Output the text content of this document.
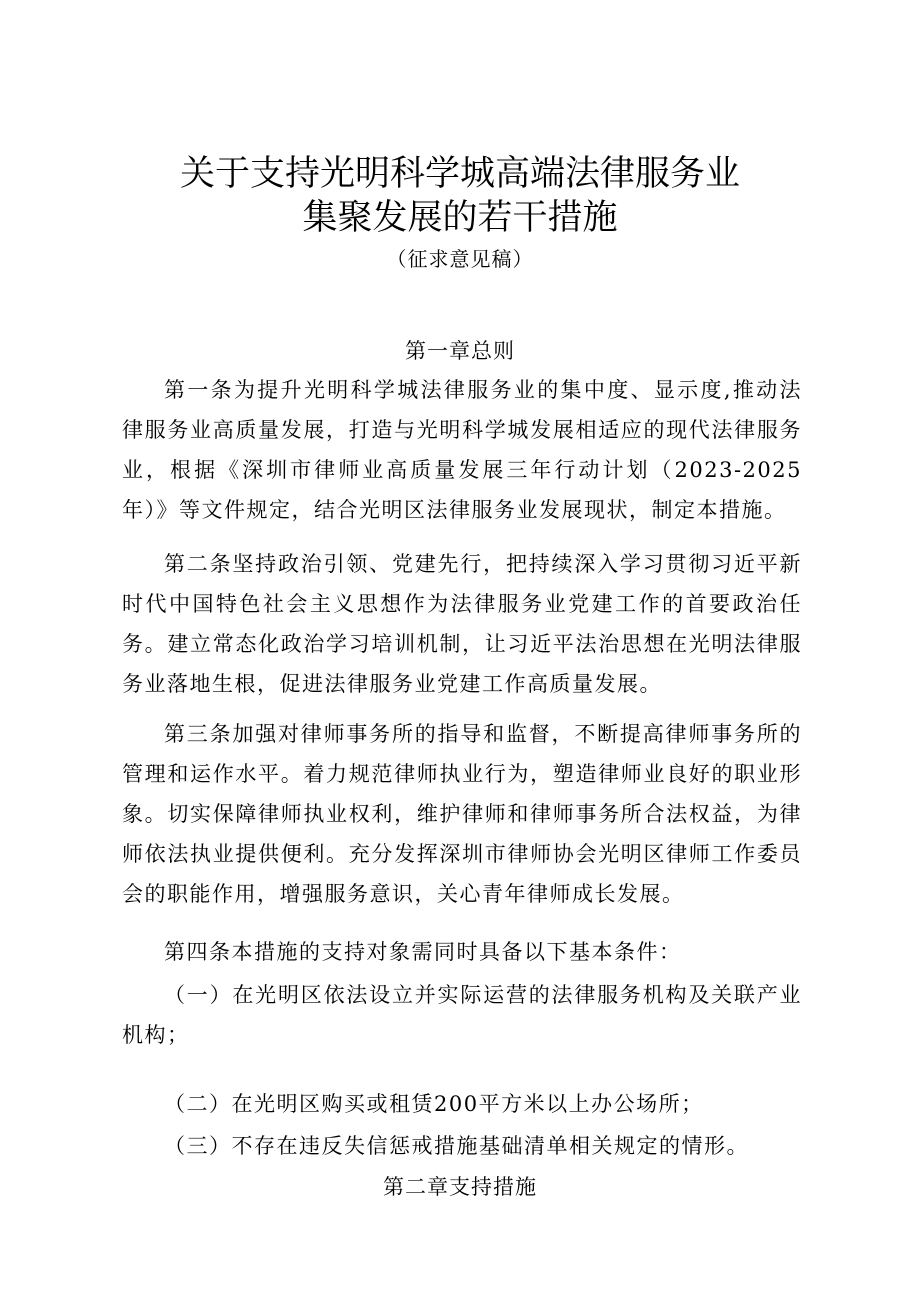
关于支持光明科学城高端法律服务业
集聚发展的若干措施
（征求意见稿）
第一章总则

第一条为提升光明科学城法律服务业的集中度、显示度,推动法律服务业高质量发展，打造与光明科学城发展相适应的现代法律服务业，根据《深圳市律师业高质量发展三年行动计划（2023-2025年）》等文件规定，结合光明区法律服务业发展现状，制定本措施。

第二条坚持政治引领、党建先行，把持续深入学习贯彻习近平新时代中国特色社会主义思想作为法律服务业党建工作的首要政治任务。建立常态化政治学习培训机制，让习近平法治思想在光明法律服务业落地生根，促进法律服务业党建工作高质量发展。

第三条加强对律师事务所的指导和监督，不断提高律师事务所的管理和运作水平。着力规范律师执业行为，塑造律师业良好的职业形象。切实保障律师执业权利，维护律师和律师事务所合法权益，为律师依法执业提供便利。充分发挥深圳市律师协会光明区律师工作委员会的职能作用，增强服务意识，关心青年律师成长发展。

第四条本措施的支持对象需同时具备以下基本条件：

（一）在光明区依法设立并实际运营的法律服务机构及关联产业机构；

（二）在光明区购买或租赁200平方米以上办公场所；

（三）不存在违反失信惩戒措施基础清单相关规定的情形。

第二章支持措施
